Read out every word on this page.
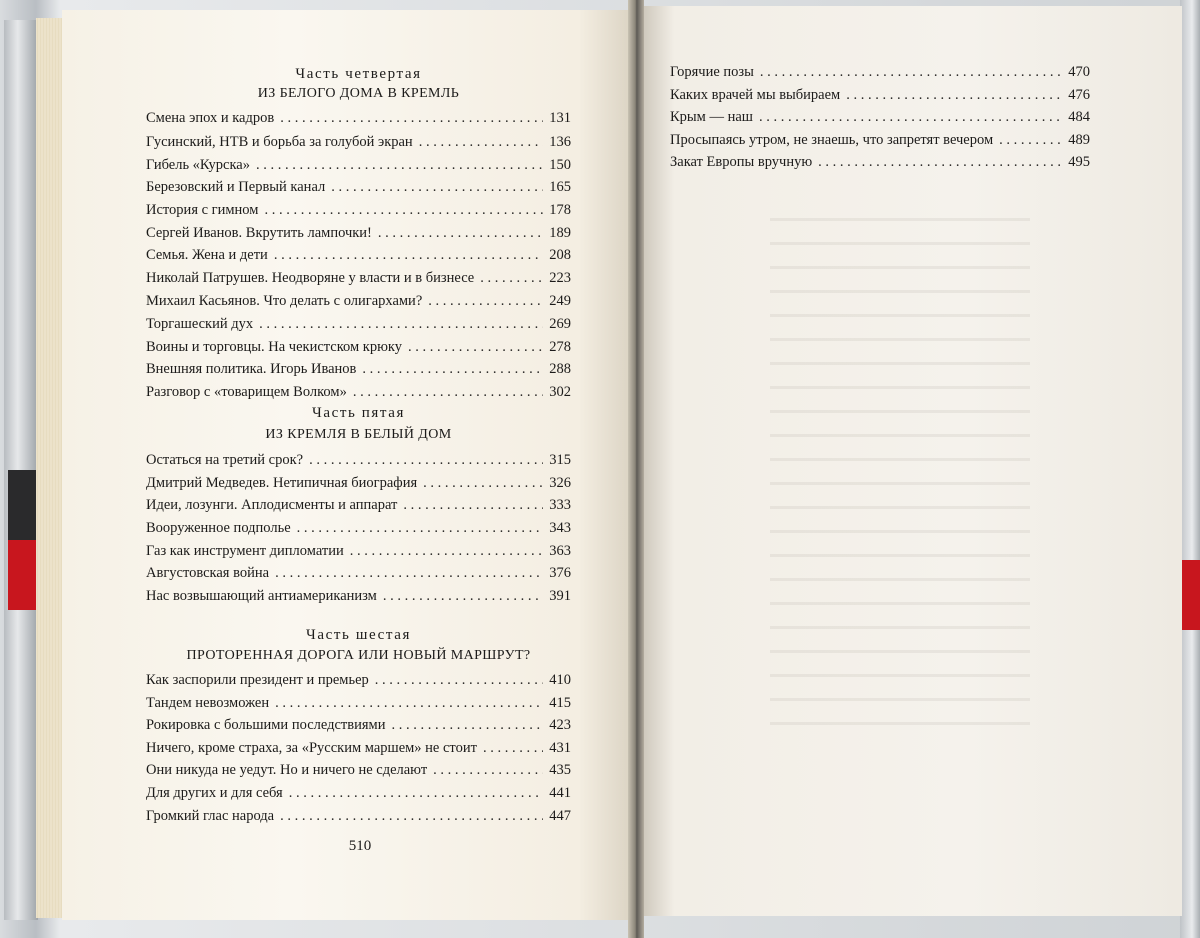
Часть четвертая
ИЗ БЕЛОГО ДОМА В КРЕМЛЬ
Смена эпох и кадров . . .	131
Гусинский, НТВ и борьба за голубой экран . . .	136
Гибель «Курска» . . .	150
Березовский и Первый канал . . .	165
История с гимном . . .	178
Сергей Иванов. Вкрутить лампочки! . . .	189
Семья. Жена и дети . . .	208
Николай Патрушев. Неодворяне у власти и в бизнесе . . .	223
Михаил Касьянов. Что делать с олигархами? . . .	249
Торгашеский дух . . .	269
Воины и торговцы. На чекистском крюку . . .	278
Внешняя политика. Игорь Иванов . . .	288
Разговор с «товарищем Волком» . . .	302
Часть пятая
ИЗ КРЕМЛЯ В БЕЛЫЙ ДОМ
Остаться на третий срок? . . .	315
Дмитрий Медведев. Нетипичная биография . . .	326
Идеи, лозунги. Аплодисменты и аппарат . . .	333
Вооруженное подполье . . .	343
Газ как инструмент дипломатии . . .	363
Августовская война . . .	376
Нас возвышающий антиамериканизм . . .	391
Часть шестая
ПРОТОРЕННАЯ ДОРОГА ИЛИ НОВЫЙ МАРШРУТ?
Как заспорили президент и премьер . . .	410
Тандем невозможен . . .	415
Рокировка с большими последствиями . . .	423
Ничего, кроме страха, за «Русским маршем» не стоит . . .	431
Они никуда не уедут. Но и ничего не сделают . . .	435
Для других и для себя . . .	441
Громкий глас народа . . .	447
510
Горячие позы . . .	470
Каких врачей мы выбираем . . .	476
Крым — наш . . .	484
Просыпаясь утром, не знаешь, что запретят вечером . . .	489
Закат Европы вручную . . .	495
